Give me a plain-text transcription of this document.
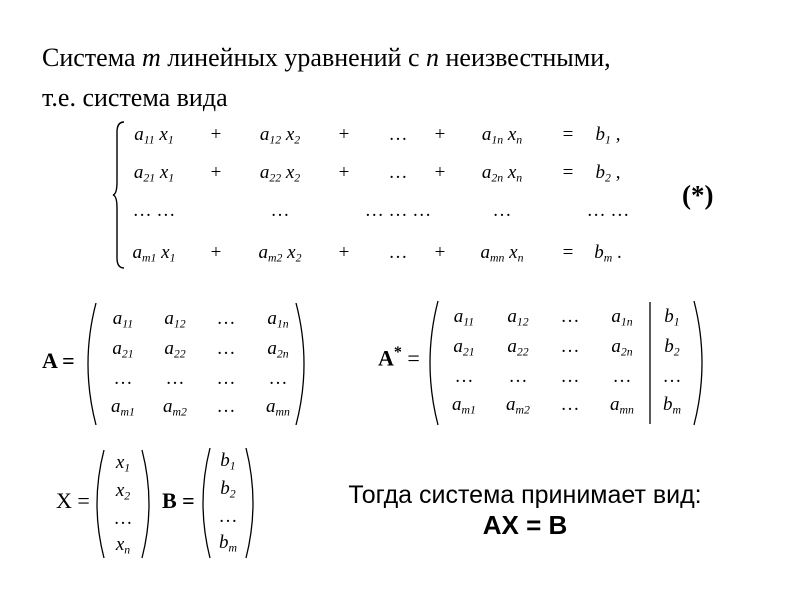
Система m линейных уравнений с n неизвестными,
т.е. система вида
$a_{11}$ $x_1 + a_{12}$ $x_2$ + … + $a_{1n}$ $x_n = b_1$ ,
$a_{21}$ $x_1 + a_{22}$ $x_2$ + … + $a_{2n}$ $x_n = b_2$ ,
… …	…	… … …	…	… …
$a_{m1}$ $x_1 + a_{m2}$ $x_2$ + … + $a_{mn}$ $x_n = b_m$ .
(*)
A =
$a_{11}$ $a_{12}$ … $a_{1n}$
$a_{21}$ $a_{22}$ … $a_{2n}$
… … … …
$a_{m1}$ $a_{m2}$ … $a_{mn}$
A* =
$a_{11}$ $a_{12}$ … $a_{1n}$ $b_1$
$a_{21}$ $a_{22}$ … $a_{2n}$ $b_2$
… … … … …
$a_{m1}$ $a_{m2}$ … $a_{mn}$ $b_m$
X =
$x_1$
$x_2$
…
$x_n$
B =
$b_1$
$b_2$
…
$b_m$
Тогда система принимает вид:
AX = B
